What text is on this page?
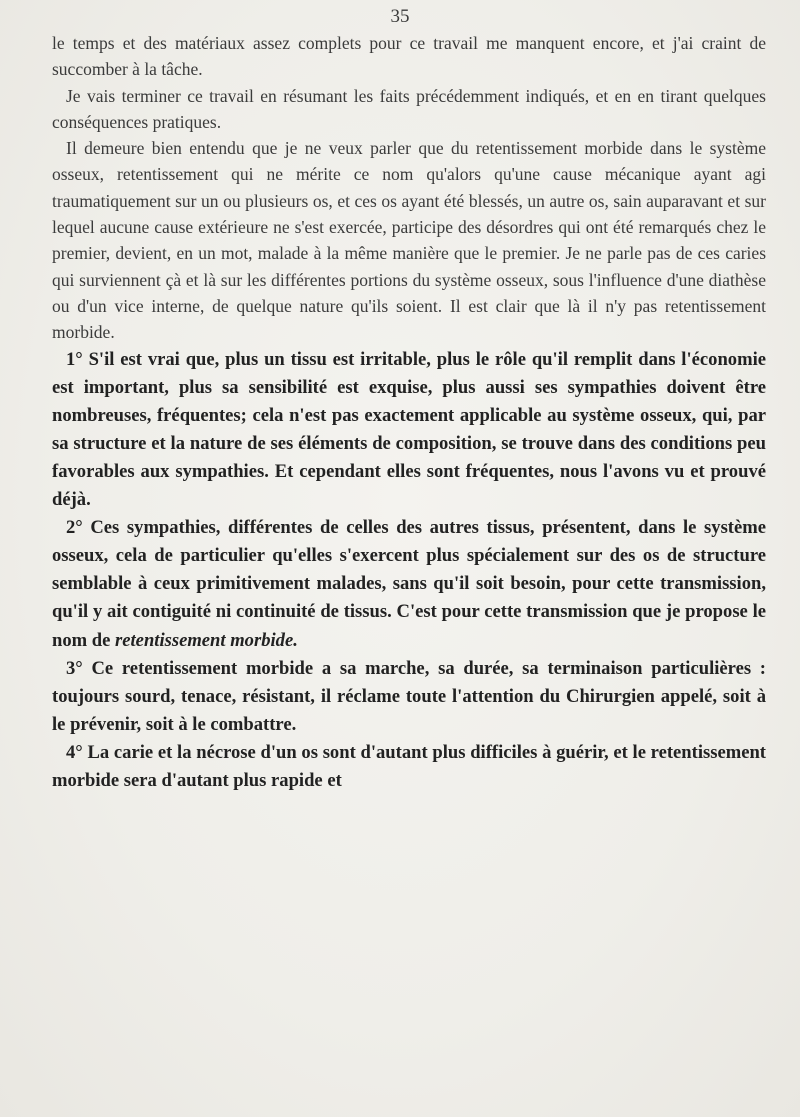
35

le temps et des matériaux assez complets pour ce travail me manquent encore, et j'ai craint de succomber à la tâche.

Je vais terminer ce travail en résumant les faits précédemment indiqués, et en en tirant quelques conséquences pratiques.

Il demeure bien entendu que je ne veux parler que du retentissement morbide dans le système osseux, retentissement qui ne mérite ce nom qu'alors qu'une cause mécanique ayant agi traumatiquement sur un ou plusieurs os, et ces os ayant été blessés, un autre os, sain auparavant et sur lequel aucune cause extérieure ne s'est exercée, participe des désordres qui ont été remarqués chez le premier, devient, en un mot, malade à la même manière que le premier. Je ne parle pas de ces caries qui surviennent çà et là sur les différentes portions du système osseux, sous l'influence d'une diathèse ou d'un vice interne, de quelque nature qu'ils soient. Il est clair que là il n'y pas retentissement morbide.

1° S'il est vrai que, plus un tissu est irritable, plus le rôle qu'il remplit dans l'économie est important, plus sa sensibilité est exquise, plus aussi ses sympathies doivent être nombreuses, fréquentes; cela n'est pas exactement applicable au système osseux, qui, par sa structure et la nature de ses éléments de composition, se trouve dans des conditions peu favorables aux sympathies. Et cependant elles sont fréquentes, nous l'avons vu et prouvé déjà.

2° Ces sympathies, différentes de celles des autres tissus, présentent, dans le système osseux, cela de particulier qu'elles s'exercent plus spécialement sur des os de structure semblable à ceux primitivement malades, sans qu'il soit besoin, pour cette transmission, qu'il y ait contiguité ni continuité de tissus. C'est pour cette transmission que je propose le nom de retentissement morbide.

3° Ce retentissement morbide a sa marche, sa durée, sa terminaison particulières : toujours sourd, tenace, résistant, il réclame toute l'attention du Chirurgien appelé, soit à le prévenir, soit à le combattre.

4° La carie et la nécrose d'un os sont d'autant plus difficiles à guérir, et le retentissement morbide sera d'autant plus rapide et
